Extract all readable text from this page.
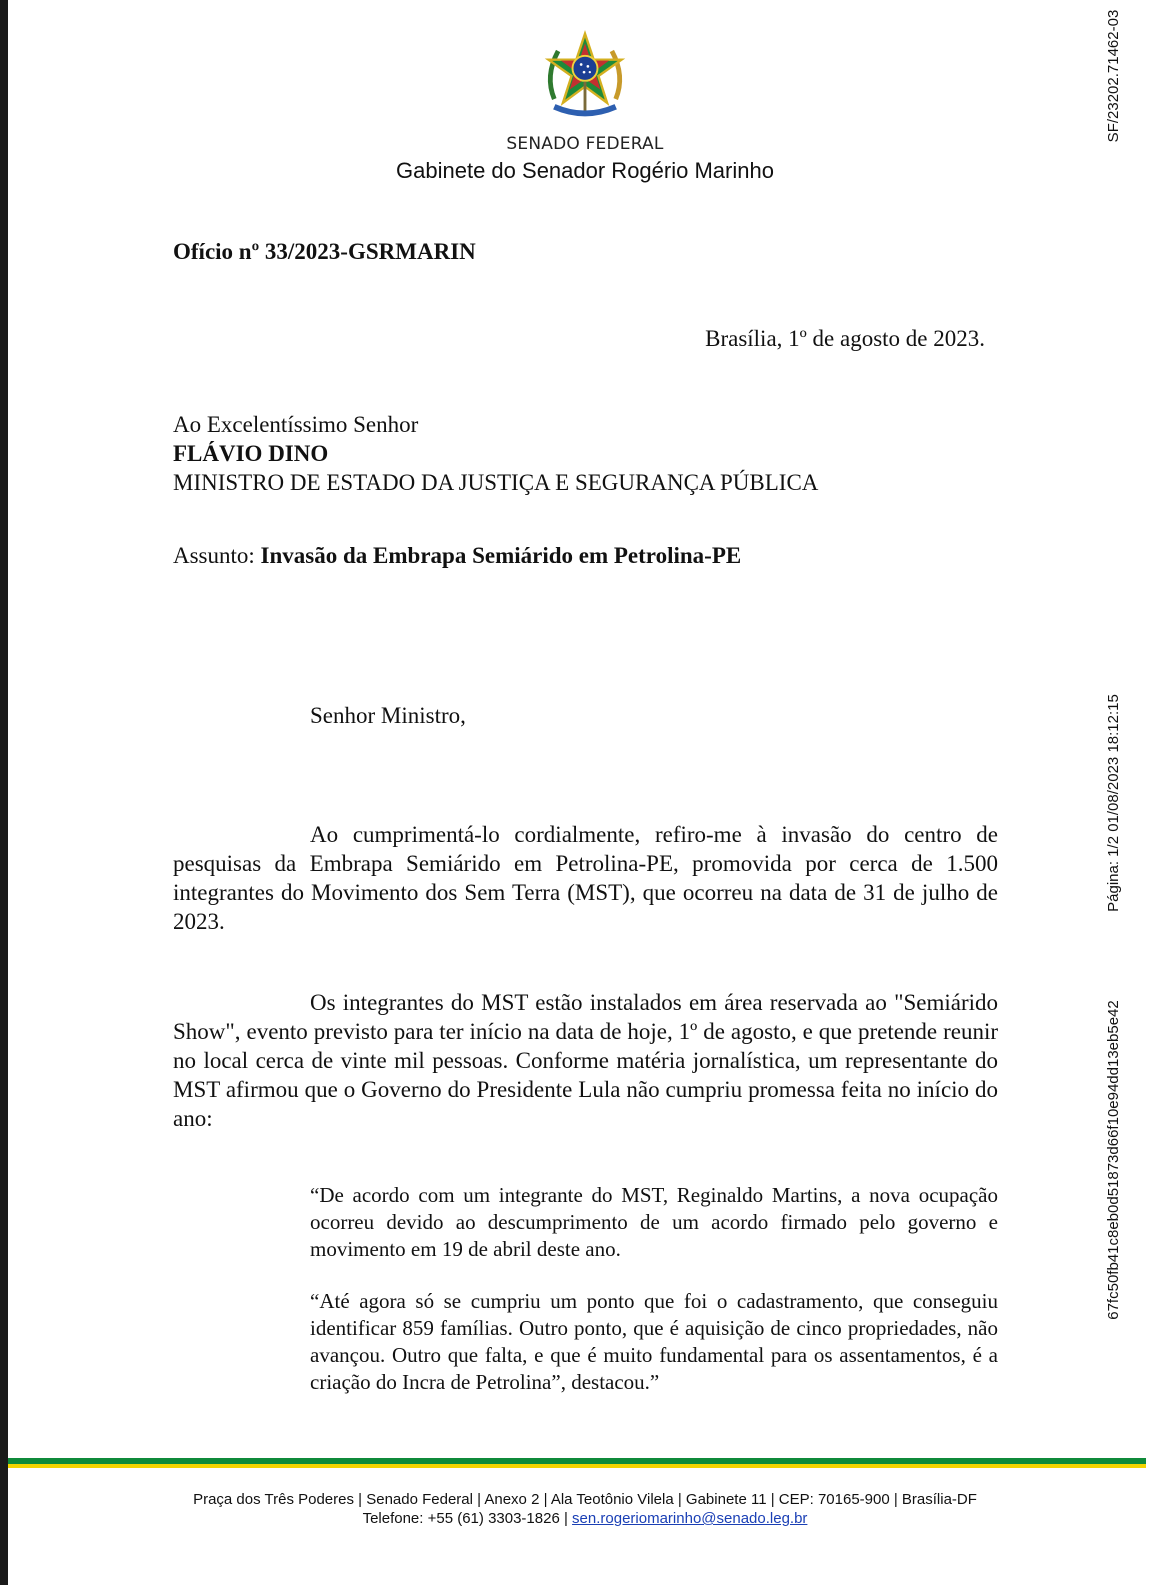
SENADO FEDERAL
Gabinete do Senador Rogério Marinho
Ofício nº 33/2023-GSRMARIN
Brasília, 1º de agosto de 2023.
Ao Excelentíssimo Senhor
FLÁVIO DINO
MINISTRO DE ESTADO DA JUSTIÇA E SEGURANÇA PÚBLICA
Assunto: Invasão da Embrapa Semiárido em Petrolina-PE
Senhor Ministro,
Ao cumprimentá-lo cordialmente, refiro-me à invasão do centro de pesquisas da Embrapa Semiárido em Petrolina-PE, promovida por cerca de 1.500 integrantes do Movimento dos Sem Terra (MST), que ocorreu na data de 31 de julho de 2023.
Os integrantes do MST estão instalados em área reservada ao "Semiárido Show", evento previsto para ter início na data de hoje, 1º de agosto, e que pretende reunir no local cerca de vinte mil pessoas. Conforme matéria jornalística, um representante do MST afirmou que o Governo do Presidente Lula não cumpriu promessa feita no início do ano:
“De acordo com um integrante do MST, Reginaldo Martins, a nova ocupação ocorreu devido ao descumprimento de um acordo firmado pelo governo e movimento em 19 de abril deste ano.
“Até agora só se cumpriu um ponto que foi o cadastramento, que conseguiu identificar 859 famílias. Outro ponto, que é aquisição de cinco propriedades, não avançou. Outro que falta, e que é muito fundamental para os assentamentos, é a criação do Incra de Petrolina”, destacou.”
SF/23202.71462-03
Página: 1/2 01/08/2023 18:12:15
67fc50fb41c8eb0d51873d66f10e94dd13eb5e42
Praça dos Três Poderes | Senado Federal | Anexo 2 | Ala Teotônio Vilela | Gabinete 11 | CEP: 70165-900 | Brasília-DF
Telefone: +55 (61) 3303-1826 | sen.rogeriomarinho@senado.leg.br
